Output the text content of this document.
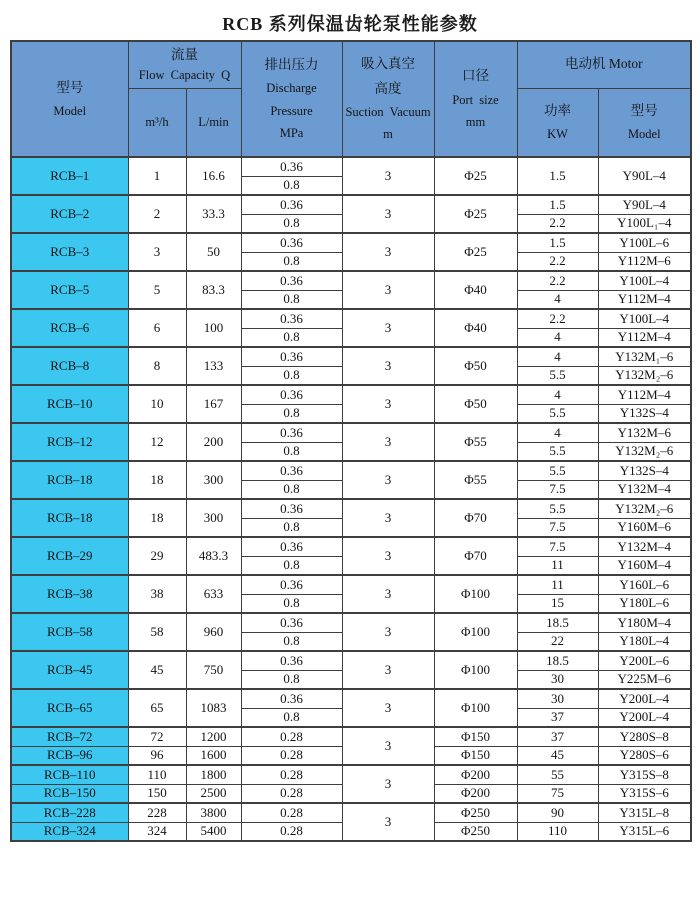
RCB 系列保温齿轮泵性能参数
型号
Model

流量
Flow Capacity Q

排出压力
Discharge
Pressure
MPa

吸入真空
高度
Suction Vacuum
m

口径
Port size
mm

电动机 Motor

m³/h	L/min

功率
KW

型号
Model

RCB–1	1	16.6	0.36	3	Φ25	1.5	Y90L–4
			0.8				
RCB–2	2	33.3	0.36	3	Φ25	1.5	Y90L–4
			0.8			2.2	Y100L₁–4
RCB–3	3	50	0.36	3	Φ25	1.5	Y100L–6
			0.8			2.2	Y112M–6
RCB–5	5	83.3	0.36	3	Φ40	2.2	Y100L–4
			0.8			4	Y112M–4
RCB–6	6	100	0.36	3	Φ40	2.2	Y100L–4
			0.8			4	Y112M–4
RCB–8	8	133	0.36	3	Φ50	4	Y132M₁–6
			0.8			5.5	Y132M₂–6
RCB–10	10	167	0.36	3	Φ50	4	Y112M–4
			0.8			5.5	Y132S–4
RCB–12	12	200	0.36	3	Φ55	4	Y132M–6
			0.8			5.5	Y132M₂–6
RCB–18	18	300	0.36	3	Φ55	5.5	Y132S–4
			0.8			7.5	Y132M–4
RCB–18	18	300	0.36	3	Φ70	5.5	Y132M₂–6
			0.8			7.5	Y160M–6
RCB–29	29	483.3	0.36	3	Φ70	7.5	Y132M–4
			0.8			11	Y160M–4
RCB–38	38	633	0.36	3	Φ100	11	Y160L–6
			0.8			15	Y180L–6
RCB–58	58	960	0.36	3	Φ100	18.5	Y180M–4
			0.8			22	Y180L–4
RCB–45	45	750	0.36	3	Φ100	18.5	Y200L–6
			0.8			30	Y225M–6
RCB–65	65	1083	0.36	3	Φ100	30	Y200L–4
			0.8			37	Y200L–4
RCB–72	72	1200	0.28	3	Φ150	37	Y280S–8
RCB–96	96	1600	0.28		Φ150	45	Y280S–6
RCB–110	110	1800	0.28	3	Φ200	55	Y315S–8
RCB–150	150	2500	0.28		Φ200	75	Y315S–6
RCB–228	228	3800	0.28	3	Φ250	90	Y315L–8
RCB–324	324	5400	0.28		Φ250	110	Y315L–6
